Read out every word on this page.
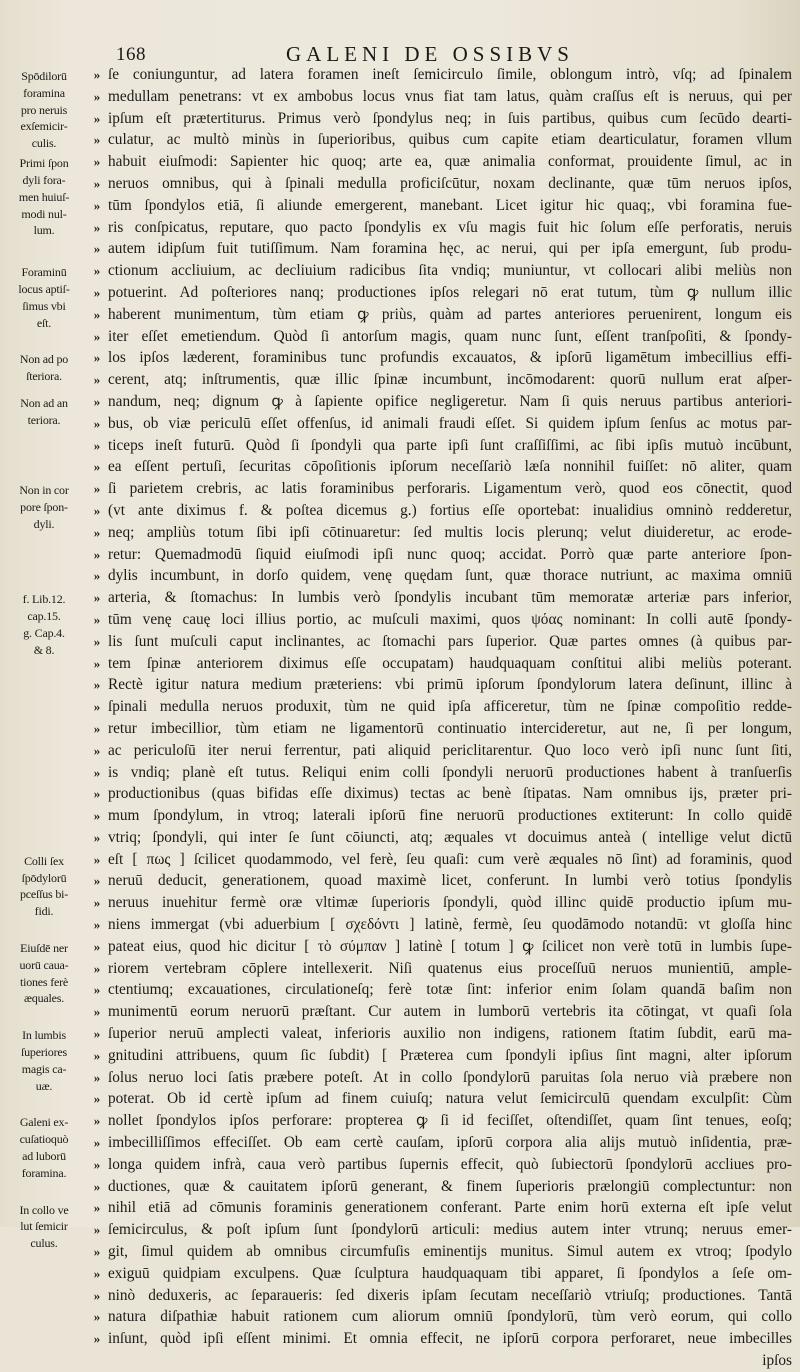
168	GALENI DE OSSIBVS
Spōdilorū
foramina
pro neruis
exſemicir-
culis.
Primi ſpon
dyli fora-
men huiuſ-
modi nul-
lum.
Foraminū
locus aptiſ-
ſimus vbi
eſt.
Non ad po
ſteriora.
Non ad an
teriora.
Non in cor
pore ſpon-
dyli.
f. Lib.12.
cap.15.
g. Cap.4.
& 8.
Colli ſex
ſpōdylorū
pceſſus bi-
fidi.
Eiuſdē ner
uorū caua-
tiones ferè
æquales.
In lumbis
ſuperiores
magis ca-
uæ.
Galeni ex-
cuſatioquò
ad luborū
foramina.
In collo ve
lut ſemicir
culus.
»
»
»
»
»
»
»
»
»
»
»
»
»
»
»
»
»
»
»
»
»
»
»
»
»
»
»
»
»
»
»
»
»
»
»
»
»
»
»
»
»
»
»
»
»
»
»
»
»
»
»
»
»
»
»
»
»
»
»
ſe coniunguntur, ad latera foramen ineſt ſemicirculo ſimile, oblongum intrò, vſq; ad ſpinalem
medullam penetrans: vt ex ambobus locus vnus fiat tam latus, quàm craſſus eſt is neruus, qui per
ipſum eſt prætertiturus. Primus verò ſpondylus neq; in ſuis partibus, quibus cum ſecūdo dearti-
culatur, ac multò minùs in ſuperioribus, quibus cum capite etiam dearticulatur, foramen vllum
habuit eiuſmodi: Sapienter hic quoq; arte ea, quæ animalia conformat, prouidente ſimul, ac in
neruos omnibus, qui à ſpinali medulla proficiſcūtur, noxam declinante, quæ tūm neruos ipſos,
tūm ſpondylos etiā, ſi aliunde emergerent, manebant. Licet igitur hic quaq;, vbi foramina fue-
ris conſpicatus, reputare, quo pacto ſpondylis ex vſu magis fuit hic ſolum eſſe perforatis, neruis
autem idipſum fuit tutiſſimum. Nam foramina hęc, ac nerui, qui per ipſa emergunt, ſub produ-
ctionum accliuium, ac decliuium radicibus ſita vndiq; muniuntur, vt collocari alibi meliùs non
potuerint. Ad poſteriores nanq; productiones ipſos relegari nō erat tutum, tùm ꝙ nullum illic
haberent munimentum, tùm etiam ꝙ priùs, quàm ad partes anteriores peruenirent, longum eis
iter eſſet emetiendum. Quòd ſi antorſum magis, quam nunc ſunt, eſſent tranſpoſiti, & ſpondy-
los ipſos læderent, foraminibus tunc profundis excauatos, & ipſorū ligamētum imbecillius effi-
cerent, atq; inſtrumentis, quæ illic ſpinæ incumbunt, incōmodarent: quorū nullum erat aſper-
nandum, neq; dignum ꝙ à ſapiente opifice negligeretur. Nam ſi quis neruus partibus anteriori-
bus, ob viæ periculū eſſet offenſus, id animali fraudi eſſet. Si quidem ipſum ſenſus ac motus par-
ticeps ineſt futurū. Quòd ſi ſpondyli qua parte ipſi ſunt craſſiſſimi, ac ſibi ipſis mutuò incūbunt,
ea eſſent pertuſi, ſecuritas cōpoſitionis ipſorum neceſſariò læſa nonnihil fuiſſet: nō aliter, quam
ſi parietem crebris, ac latis foraminibus perforaris. Ligamentum verò, quod eos cōnectit, quod
(vt ante diximus f. & poſtea dicemus g.) fortius eſſe oportebat: inualidius omninò redderetur,
neq; ampliùs totum ſibi ipſi cōtinuaretur: ſed multis locis plerunq; velut diuideretur, ac erode-
retur: Quemadmodū ſiquid eiuſmodi ipſi nunc quoq; accidat. Porrò quæ parte anteriore ſpon-
dylis incumbunt, in dorſo quidem, venę quędam ſunt, quæ thorace nutriunt, ac maxima omniū
arteria, & ſtomachus: In lumbis verò ſpondylis incubant tūm memoratæ arteriæ pars inferior,
tūm venę cauę loci illius portio, ac muſculi maximi, quos ψόας nominant: In colli autē ſpondy-
lis ſunt muſculi caput inclinantes, ac ſtomachi pars ſuperior. Quæ partes omnes (à quibus par-
tem ſpinæ anteriorem diximus eſſe occupatam) haudquaquam conſtitui alibi meliùs poterant.
Rectè igitur natura medium præteriens: vbi primū ipſorum ſpondylorum latera deſinunt, illinc à
ſpinali medulla neruos produxit, tùm ne quid ipſa afficeretur, tùm ne ſpinæ compoſitio redde-
retur imbecillior, tùm etiam ne ligamentorū continuatio intercideretur, aut ne, ſi per longum,
ac periculoſū iter nerui ferrentur, pati aliquid periclitarentur. Quo loco verò ipſi nunc ſunt ſiti,
is vndiq; planè eſt tutus. Reliqui enim colli ſpondyli neruorū productiones habent à tranſuerſis
productionibus (quas bifidas eſſe diximus) tectas ac benè ſtipatas. Nam omnibus ijs, præter pri-
mum ſpondylum, in vtroq; laterali ipſorū fine neruorū productiones extiterunt: In collo quidē
vtriq; ſpondyli, qui inter ſe ſunt cōiuncti, atq; æquales vt docuimus anteà ( intellige velut dictū
eſt [ πως ] ſcilicet quodammodo, vel ferè, ſeu quaſi: cum verè æquales nō ſint) ad foraminis, quod
neruū deducit, generationem, quoad maximè licet, conferunt. In lumbi verò totius ſpondylis
neruus inuehitur fermè oræ vltimæ ſuperioris ſpondyli, quòd illinc quidē productio ipſum mu-
niens immergat (vbi aduerbium [ σχεδόντι ] latinè, fermè, ſeu quodāmodo notandū: vt gloſſa hinc
pateat eius, quod hic dicitur [ τὸ σύμπαν ] latinè [ totum ] ꝙ ſcilicet non verè totū in lumbis ſupe-
riorem vertebram cōplere intellexerit. Niſi quatenus eius proceſſuū neruos munientiū, ample-
ctentiumq; excauationes, circulationeſq; ferè totæ ſint: inferior enim ſolam quandā baſim non
munimentū eorum neruorū præſtant. Cur autem in lumborū vertebris ita cōtingat, vt quaſi ſola
ſuperior neruū amplecti valeat, inferioris auxilio non indigens, rationem ſtatim ſubdit, earū ma-
gnitudini attribuens, quum ſic ſubdit) [ Præterea cum ſpondyli ipſius ſint magni, alter ipſorum
ſolus neruo loci ſatis præbere poteſt. At in collo ſpondylorū paruitas ſola neruo vià præbere non
poterat. Ob id certè ipſum ad finem cuiuſq; natura velut ſemicirculū quendam exculpſit: Cùm
nollet ſpondylos ipſos perforare: propterea ꝙ ſi id feciſſet, oſtendiſſet, quam ſint tenues, eoſq;
imbecilliſſimos effeciſſet. Ob eam certè cauſam, ipſorū corpora alia alijs mutuò inſidentia, præ-
longa quidem infrà, caua verò partibus ſupernis effecit, quò ſubiectorū ſpondylorū accliues pro-
ductiones, quæ & cauitatem ipſorū generant, & finem ſuperioris prælongiū complectuntur: non
nihil etiā ad cōmunis foraminis generationem conferant. Parte enim horū externa eſt ipſe velut
ſemicirculus, & poſt ipſum ſunt ſpondylorū articuli: medius autem inter vtrunq; neruus emer-
git, ſimul quidem ab omnibus circumfuſis eminentijs munitus. Simul autem ex vtroq; ſpodylo
exiguū quidpiam exculpens. Quæ ſculptura haudquaquam tibi apparet, ſi ſpondylos a ſeſe om-
ninò deduxeris, ac ſeparaueris: ſed dixeris ipſam ſecutam neceſſariò vtriuſq; productiones. Tantā
natura diſpathiæ habuit rationem cum aliorum omniū ſpondylorū, tùm verò eorum, qui collo
inſunt, quòd ipſi eſſent minimi. Et omnia effecit, ne ipſorū corpora perforaret, neue imbecilles
ipſos
